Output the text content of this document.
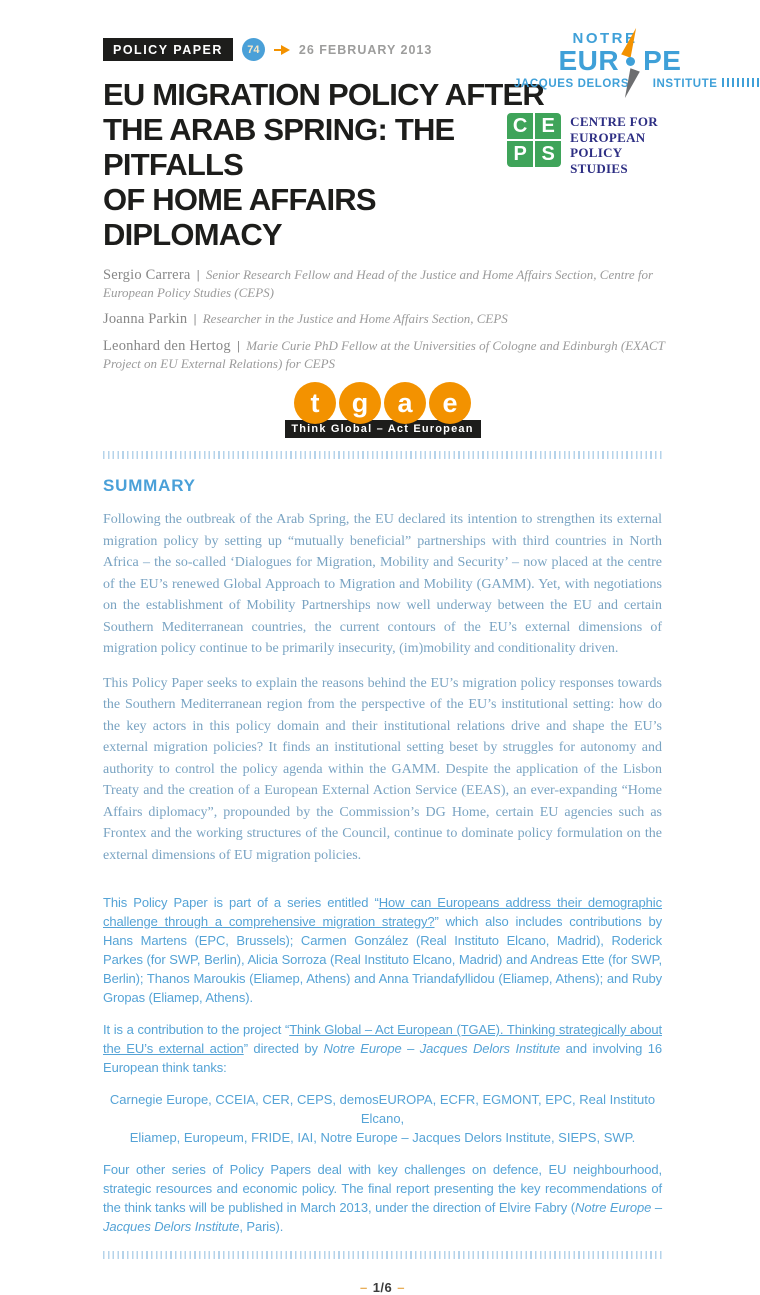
POLICY PAPER	74	26 FEBRUARY 2013
NOTRE
EUR PE
JACQUES DELORS INSTITUTE
C E
P S
CENTRE FOR
EUROPEAN
POLICY
STUDIES
EU MIGRATION POLICY AFTER
THE ARAB SPRING: THE PITFALLS
OF HOME AFFAIRS DIPLOMACY
Sergio Carrera | Senior Research Fellow and Head of the Justice and Home Affairs Section, Centre for European Policy Studies (CEPS)
Joanna Parkin | Researcher in the Justice and Home Affairs Section, CEPS
Leonhard den Hertog | Marie Curie PhD Fellow at the Universities of Cologne and Edinburgh (EXACT Project on EU External Relations) for CEPS
t	g	a	e
Think Global – Act European
SUMMARY

Following the outbreak of the Arab Spring, the EU declared its intention to strengthen its external migration policy by setting up “mutually beneficial” partnerships with third countries in North Africa – the so-called ‘Dialogues for Migration, Mobility and Security’ – now placed at the centre of the EU’s renewed Global Approach to Migration and Mobility (GAMM). Yet, with negotiations on the establishment of Mobility Partnerships now well underway between the EU and certain Southern Mediterranean countries, the current contours of the EU’s external dimensions of migration policy continue to be primarily insecurity, (im)mobility and conditionality driven.

This Policy Paper seeks to explain the reasons behind the EU’s migration policy responses towards the Southern Mediterranean region from the perspective of the EU’s institutional setting: how do the key actors in this policy domain and their institutional relations drive and shape the EU’s external migration policies? It finds an institutional setting beset by struggles for autonomy and authority to control the policy agenda within the GAMM. Despite the application of the Lisbon Treaty and the creation of a European External Action Service (EEAS), an ever-expanding “Home Affairs diplomacy”, propounded by the Commission’s DG Home, certain EU agencies such as Frontex and the working structures of the Council, continue to dominate policy formulation on the external dimensions of EU migration policies.

This Policy Paper is part of a series entitled “How can Europeans address their demographic challenge through a comprehensive migration strategy?” which also includes contributions by Hans Martens (EPC, Brussels); Carmen González (Real Instituto Elcano, Madrid), Roderick Parkes (for SWP, Berlin), Alicia Sorroza (Real Instituto Elcano, Madrid) and Andreas Ette (for SWP, Berlin); Thanos Maroukis (Eliamep, Athens) and Anna Triandafyllidou (Eliamep, Athens); and Ruby Gropas (Eliamep, Athens).

It is a contribution to the project “Think Global – Act European (TGAE). Thinking strategically about the EU’s external action” directed by Notre Europe – Jacques Delors Institute and involving 16 European think tanks:

Carnegie Europe, CCEIA, CER, CEPS, demosEUROPA, ECFR, EGMONT, EPC, Real Instituto Elcano,
Eliamep, Europeum, FRIDE, IAI, Notre Europe – Jacques Delors Institute, SIEPS, SWP.

Four other series of Policy Papers deal with key challenges on defence, EU neighbourhood, strategic resources and economic policy. The final report presenting the key recommendations of the think tanks will be published in March 2013, under the direction of Elvire Fabry (Notre Europe – Jacques Delors Institute, Paris).

– 1/6 –
